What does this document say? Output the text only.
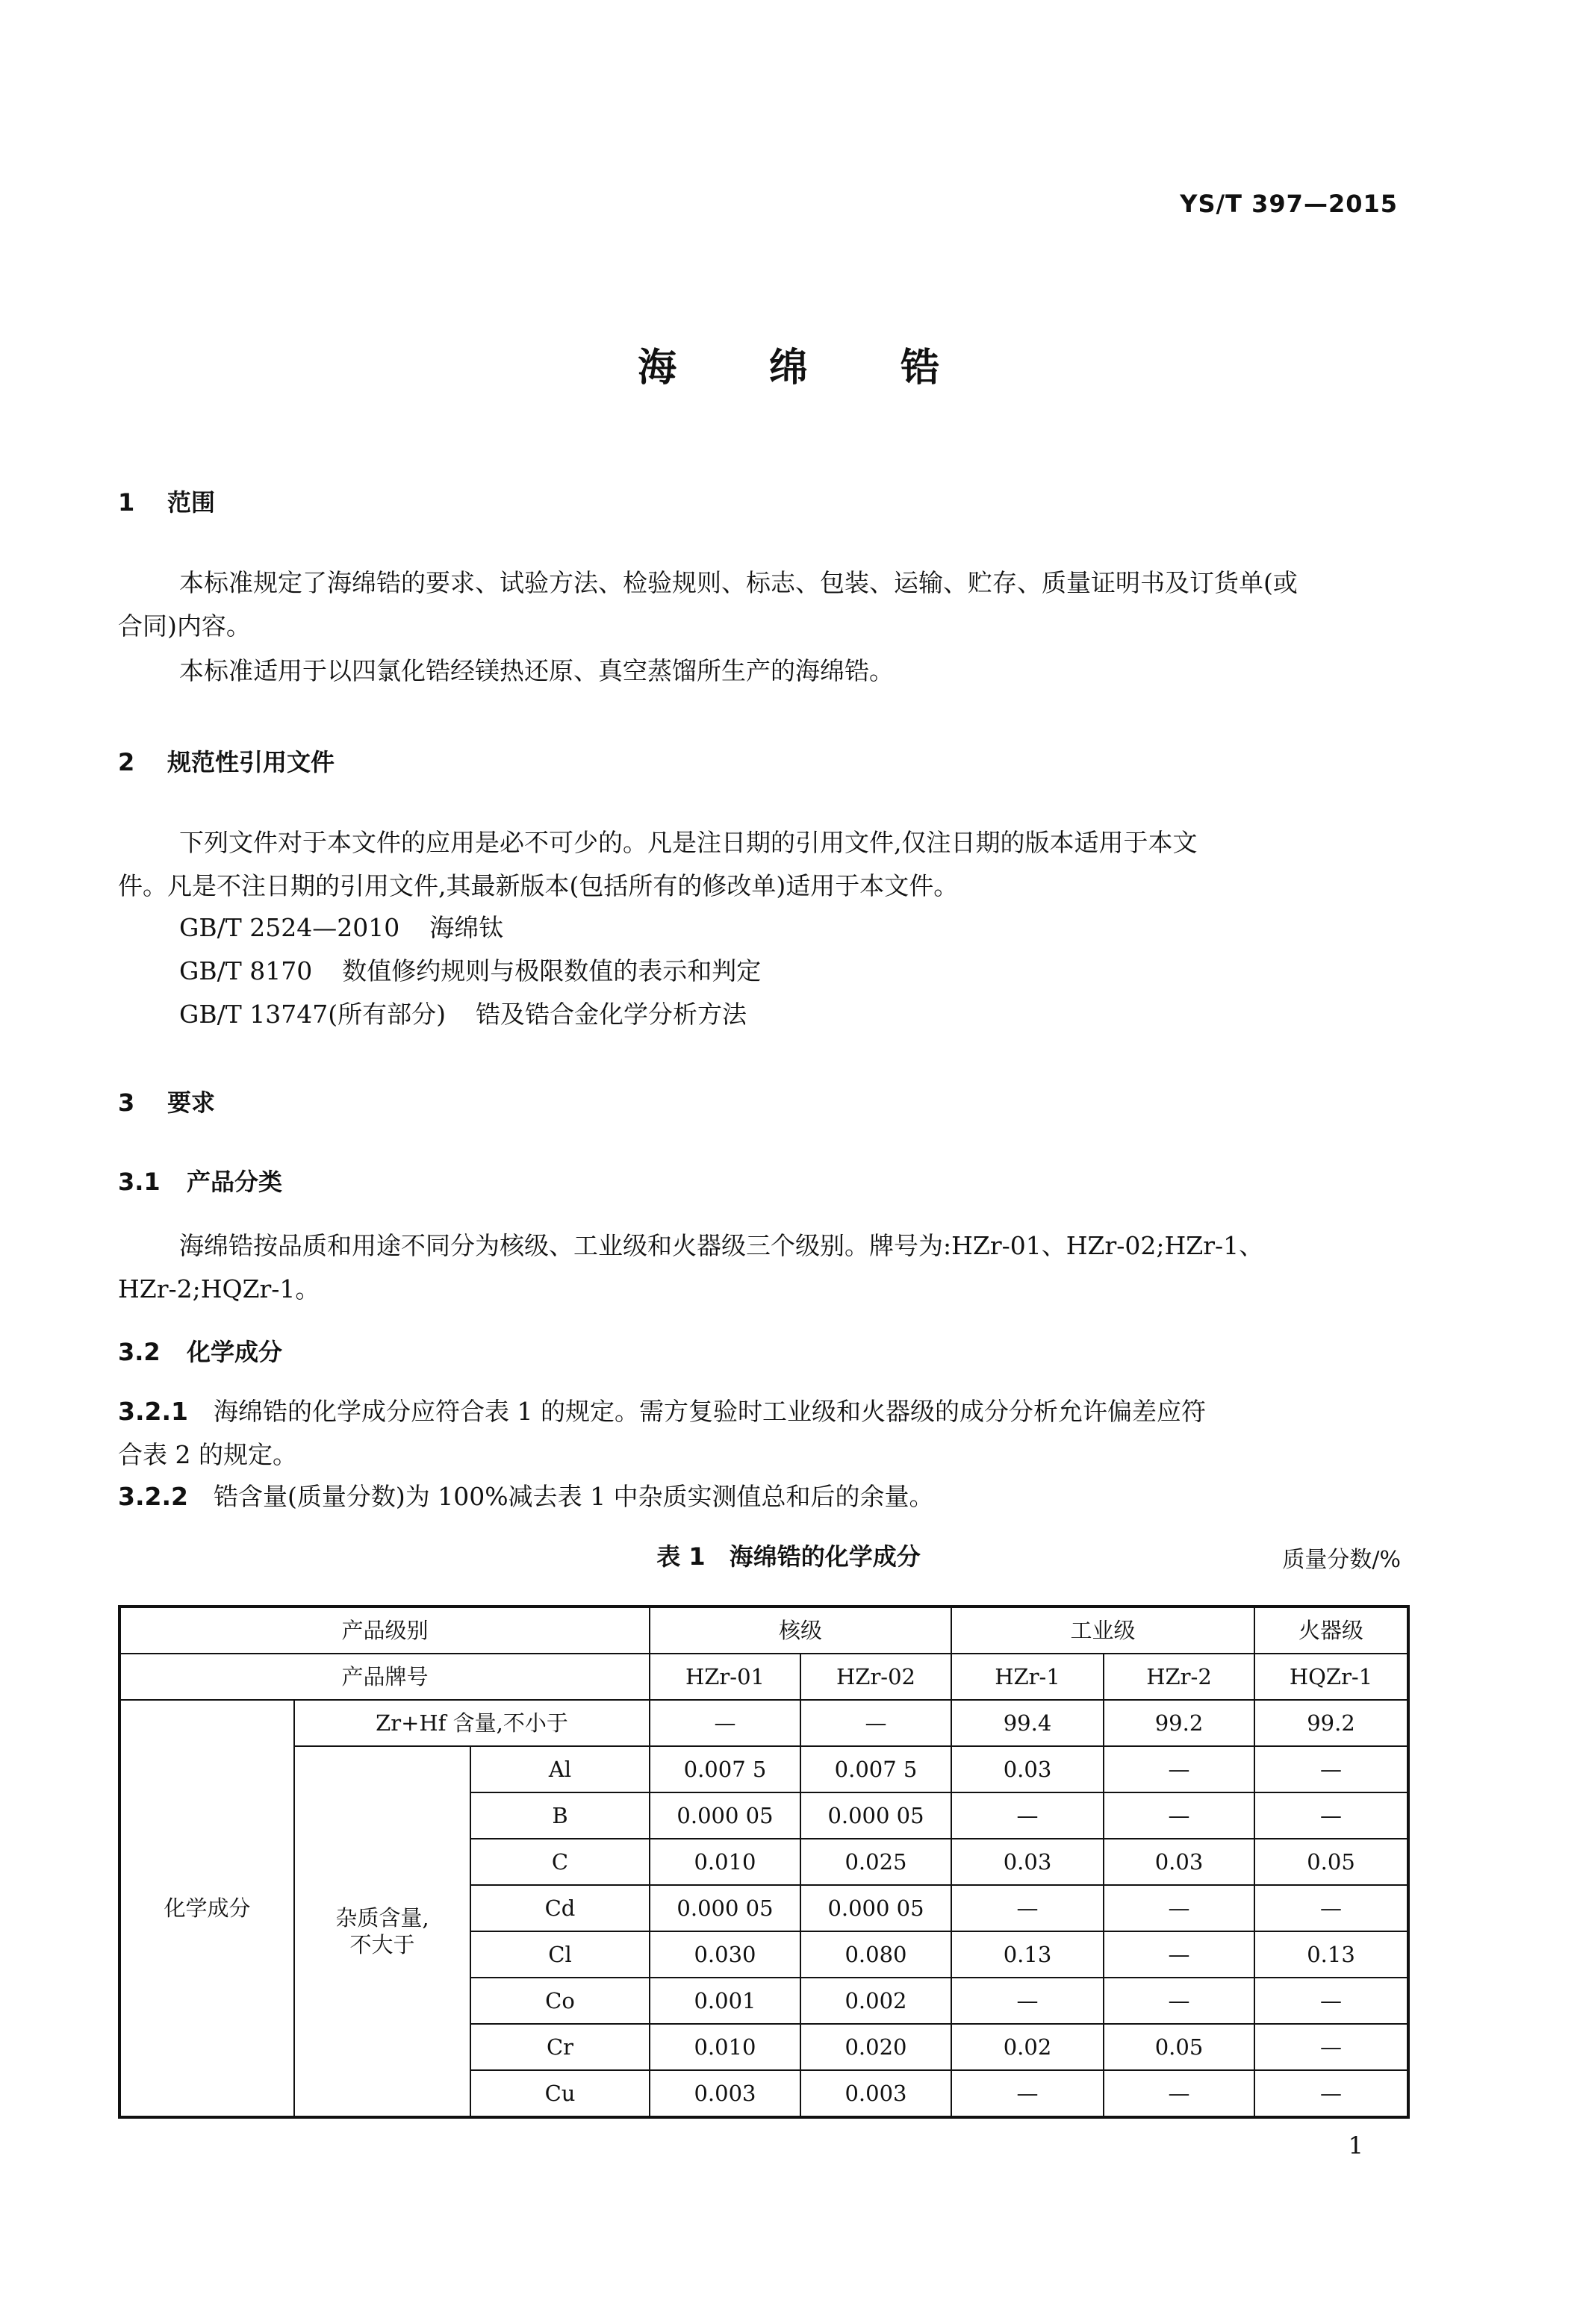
YS/T 397—2015
海 绵 锆
1 范围
本标准规定了海绵锆的要求、试验方法、检验规则、标志、包装、运输、贮存、质量证明书及订货单(或
合同)内容。
本标准适用于以四氯化锆经镁热还原、真空蒸馏所生产的海绵锆。
2 规范性引用文件
下列文件对于本文件的应用是必不可少的。凡是注日期的引用文件,仅注日期的版本适用于本文
件。凡是不注日期的引用文件,其最新版本(包括所有的修改单)适用于本文件。
GB/T 2524—2010 海绵钛
GB/T 8170 数值修约规则与极限数值的表示和判定
GB/T 13747(所有部分) 锆及锆合金化学分析方法
3 要求
3.1 产品分类
海绵锆按品质和用途不同分为核级、工业级和火器级三个级别。牌号为:HZr-01、HZr-02;HZr-1、
HZr-2;HQZr-1。
3.2 化学成分
3.2.1 海绵锆的化学成分应符合表 1 的规定。需方复验时工业级和火器级的成分分析允许偏差应符
合表 2 的规定。
3.2.2 锆含量(质量分数)为 100%减去表 1 中杂质实测值总和后的余量。
表 1　海绵锆的化学成分	质量分数/%
产品级别			核级		工业级		火器级
产品牌号			HZr-01	HZr-02	HZr-1	HZr-2	HQZr-1
化学成分	Zr+Hf 含量,不小于		—	—	99.4	99.2	99.2

	杂质含量,
不大于	Al	0.007 5	0.007 5	0.03	—	—
		B	0.000 05	0.000 05	—	—	—
		C	0.010	0.025	0.03	0.03	0.05
		Cd	0.000 05	0.000 05	—	—	—
		Cl	0.030	0.080	0.13	—	0.13
		Co	0.001	0.002	—	—	—
		Cr	0.010	0.020	0.02	0.05	—
		Cu	0.003	0.003	—	—	—
1
